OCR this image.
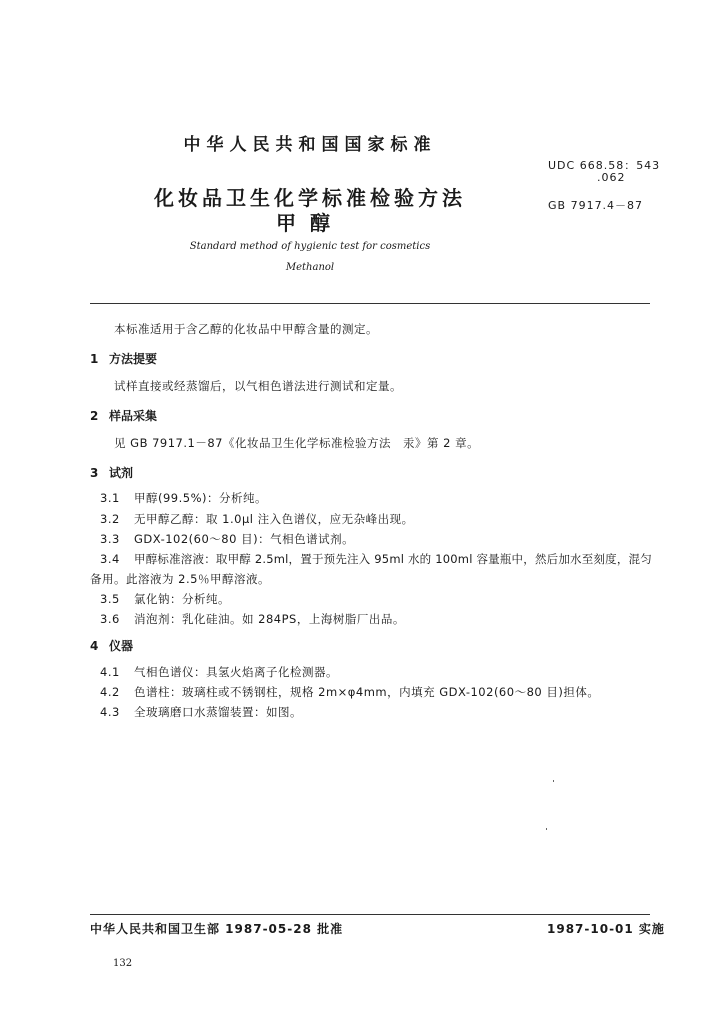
中华人民共和国国家标准
UDC 668.58：543
.062
GB 7917.4－87
化妆品卫生化学标准检验方法
甲醇
Standard method of hygienic test for cosmetics
Methanol
本标准适用于含乙醇的化妆品中甲醇含量的测定。
1 方法提要
试样直接或经蒸馏后，以气相色谱法进行测试和定量。
2 样品采集
见 GB 7917.1－87《化妆品卫生化学标准检验方法　汞》第 2 章。
3 试剂
3.1 甲醇(99.5%)：分析纯。
3.2 无甲醇乙醇：取 1.0μl 注入色谱仪，应无杂峰出现。
3.3 GDX-102(60～80 目)：气相色谱试剂。
3.4 甲醇标准溶液：取甲醇 2.5ml，置于预先注入 95ml 水的 100ml 容量瓶中，然后加水至刻度，混匀
备用。此溶液为 2.5％甲醇溶液。
3.5 氯化钠：分析纯。
3.6 消泡剂：乳化硅油。如 284PS，上海树脂厂出品。
4 仪器
4.1 气相色谱仪：具氢火焰离子化检测器。
4.2 色谱柱：玻璃柱或不锈钢柱，规格 2m×φ4mm，内填充 GDX-102(60～80 目)担体。
4.3 全玻璃磨口水蒸馏装置：如图。
中华人民共和国卫生部 1987-05-28 批准	1987-10-01 实施
132
